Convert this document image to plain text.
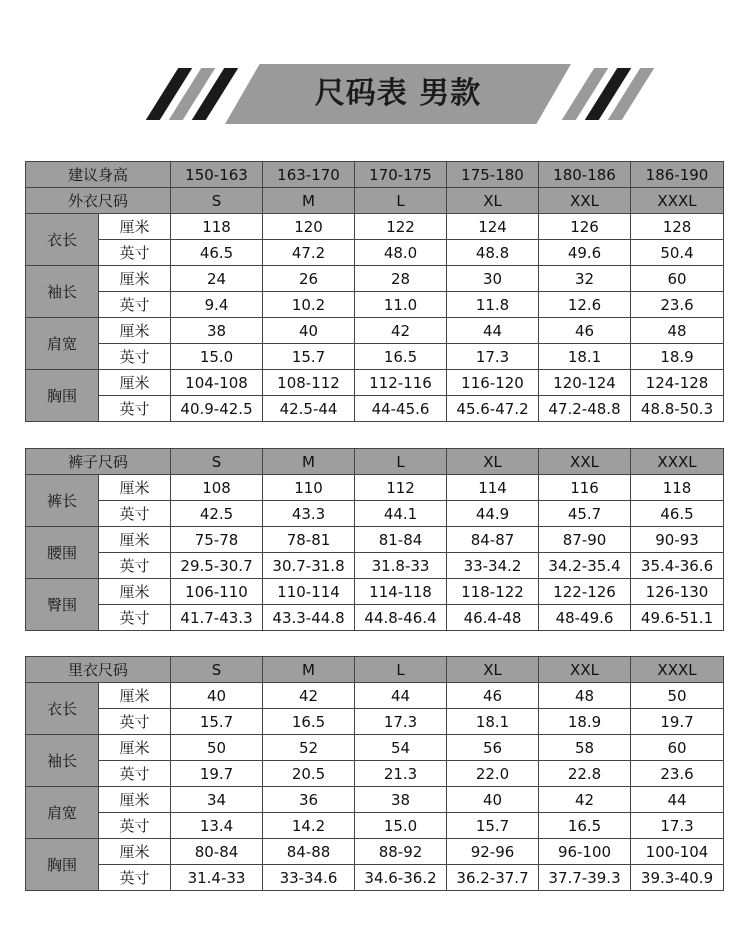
尺码表 男款
建议身高		150-163	163-170	170-175	175-180	180-186	186-190
外衣尺码		S	M	L	XL	XXL	XXXL
衣长	厘米	118	120	122	124	126	128
	英寸	46.5	47.2	48.0	48.8	49.6	50.4
袖长	厘米	24	26	28	30	32	60
	英寸	9.4	10.2	11.0	11.8	12.6	23.6
肩宽	厘米	38	40	42	44	46	48
	英寸	15.0	15.7	16.5	17.3	18.1	18.9
胸围	厘米	104-108	108-112	112-116	116-120	120-124	124-128
	英寸	40.9-42.5	42.5-44	44-45.6	45.6-47.2	47.2-48.8	48.8-50.3
裤子尺码		S	M	L	XL	XXL	XXXL
裤长	厘米	108	110	112	114	116	118
	英寸	42.5	43.3	44.1	44.9	45.7	46.5
腰围	厘米	75-78	78-81	81-84	84-87	87-90	90-93
	英寸	29.5-30.7	30.7-31.8	31.8-33	33-34.2	34.2-35.4	35.4-36.6
臀围	厘米	106-110	110-114	114-118	118-122	122-126	126-130
	英寸	41.7-43.3	43.3-44.8	44.8-46.4	46.4-48	48-49.6	49.6-51.1
里衣尺码		S	M	L	XL	XXL	XXXL
衣长	厘米	40	42	44	46	48	50
	英寸	15.7	16.5	17.3	18.1	18.9	19.7
袖长	厘米	50	52	54	56	58	60
	英寸	19.7	20.5	21.3	22.0	22.8	23.6
肩宽	厘米	34	36	38	40	42	44
	英寸	13.4	14.2	15.0	15.7	16.5	17.3
胸围	厘米	80-84	84-88	88-92	92-96	96-100	100-104
	英寸	31.4-33	33-34.6	34.6-36.2	36.2-37.7	37.7-39.3	39.3-40.9
